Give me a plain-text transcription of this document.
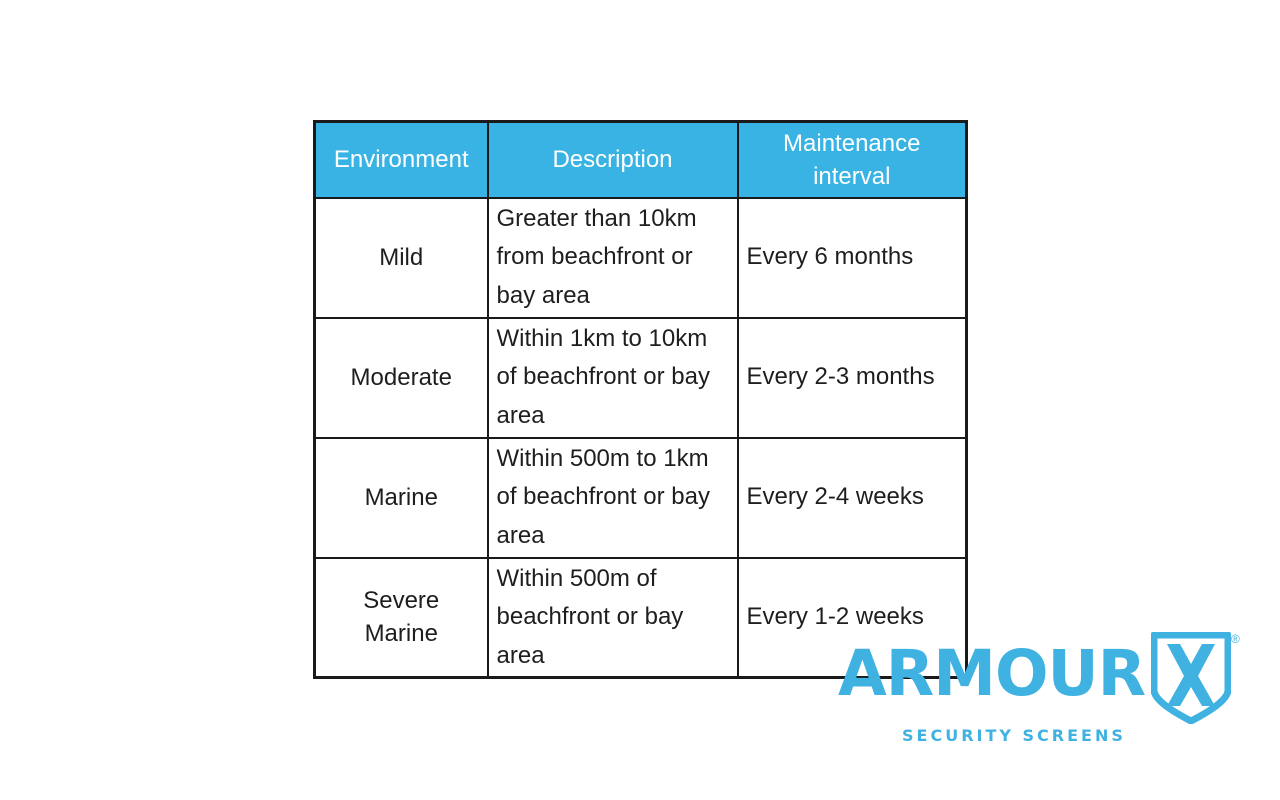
Environment	Description	Maintenance interval
Mild	Greater than 10km from beachfront or bay area	Every 6 months
Moderate	Within 1km to 10km of beachfront or bay area	Every 2-3 months
Marine	Within 500m to 1km of beachfront or bay area	Every 2-4 weeks
Severe Marine	Within 500m of beachfront or bay area	Every 1-2 weeks
ARMOUR	®
SECURITY SCREENS
